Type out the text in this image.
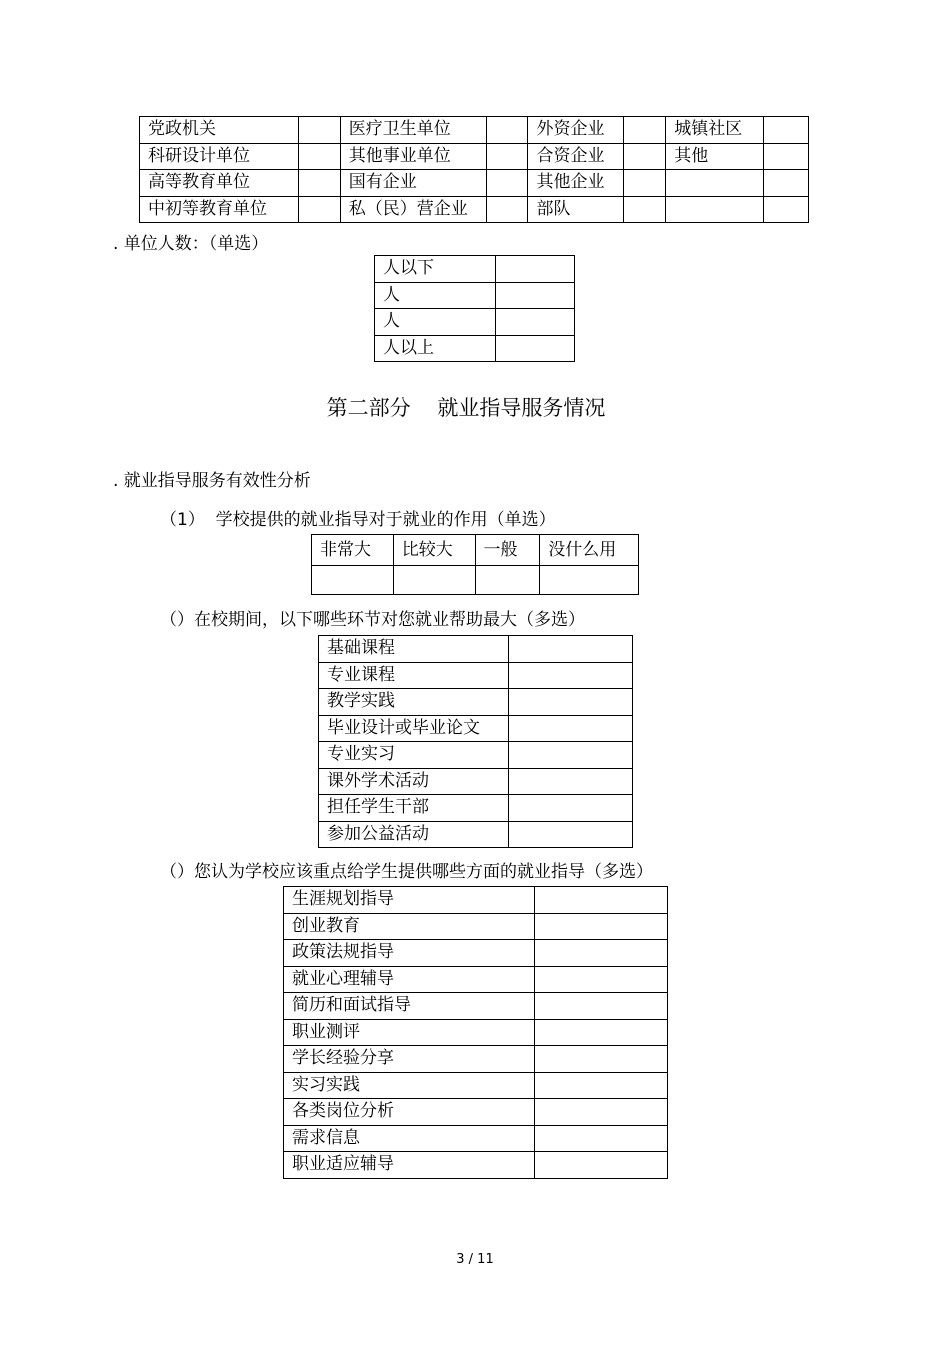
党政机关		医疗卫生单位		外资企业		城镇社区	
科研设计单位		其他事业单位		合资企业		其他	
高等教育单位		国有企业		其他企业			
中初等教育单位		私（民）营企业		部队			
. 单位人数：（单选）
人以下	
人	
人	
人以上	
第二部分    就业指导服务情况
. 就业指导服务有效性分析
（1）  学校提供的就业指导对于就业的作用（单选）
非常大	比较大	一般	没什么用

（）在校期间，以下哪些环节对您就业帮助最大（多选）
基础课程	
专业课程	
教学实践	
毕业设计或毕业论文	
专业实习	
课外学术活动	
担任学生干部	
参加公益活动	
（）您认为学校应该重点给学生提供哪些方面的就业指导（多选）
生涯规划指导	
创业教育	
政策法规指导	
就业心理辅导	
简历和面试指导	
职业测评	
学长经验分享	
实习实践	
各类岗位分析	
需求信息	
职业适应辅导	
3 / 11
